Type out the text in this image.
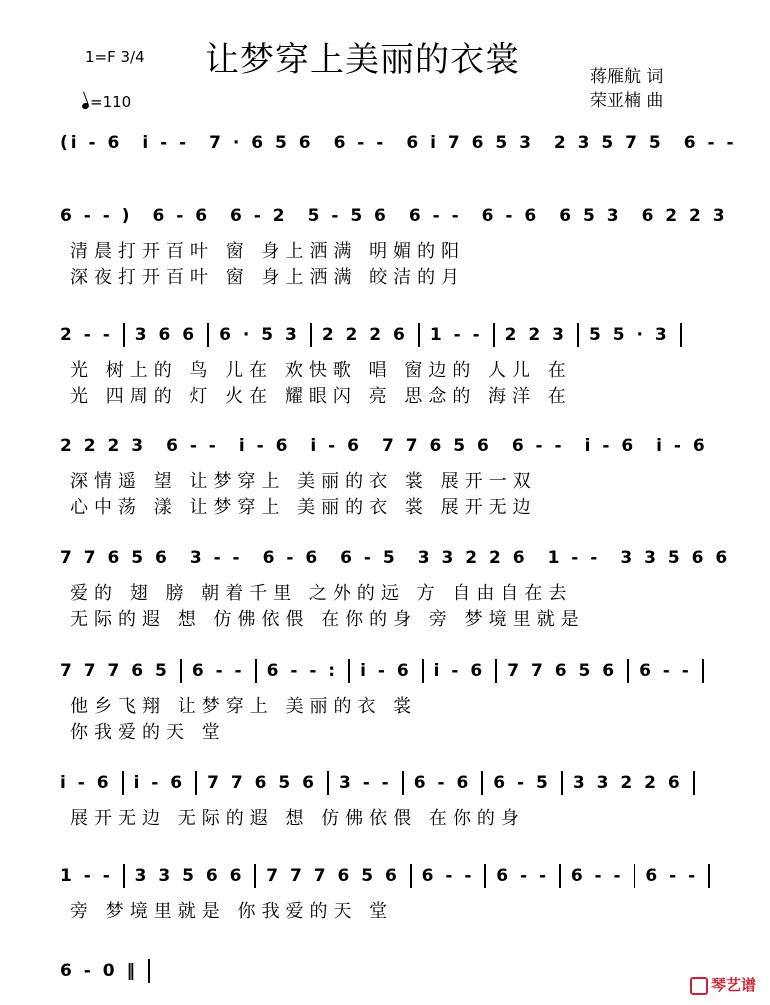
让梦穿上美丽的衣裳
1=F 3/4
=110
蒋雁航 词
荣亚楠 曲
(i - 6 i - - 7 · 6 5 6 6 - - 6 i 7 6 5 3 2 3 5 7 5 6 - -
6 - - ) 6 - 6 6 - 2 5 - 5 6 6 - - 6 - 6 6 5 3 6 2 2 3
清晨打开百叶 窗 身上洒满 明媚的阳
深夜打开百叶 窗 身上洒满 皎洁的月
2 - - 3 6 6 6 · 5 3 2 2 2 6 1 - - 2 2 3 5 5 · 3
光 树上的 鸟 儿在 欢快歌 唱 窗边的 人儿 在
光 四周的 灯 火在 耀眼闪 亮 思念的 海洋 在
2 2 2 3 6 - - i - 6 i - 6 7 7 6 5 6 6 - - i - 6 i - 6
深情遥 望 让梦穿上 美丽的衣 裳 展开一双
心中荡 漾 让梦穿上 美丽的衣 裳 展开无边
7 7 6 5 6 3 - - 6 - 6 6 - 5 3 3 2 2 6 1 - - 3 3 5 6 6
爱的 翅 膀 朝着千里 之外的远 方 自由自在去
无际的遐 想 仿佛依偎 在你的身 旁 梦境里就是
7 7 7 6 5 6 - - 6 - - : i - 6 i - 6 7 7 6 5 6 6 - -
他乡飞翔 让梦穿上 美丽的衣 裳
你我爱的天 堂
i - 6 i - 6 7 7 6 5 6 3 - - 6 - 6 6 - 5 3 3 2 2 6
展开无边 无际的遐 想 仿佛依偎 在你的身
1 - - 3 3 5 6 6 7 7 7 6 5 6 6 - - 6 - - 6 - - 6 - -
旁 梦境里就是 你我爱的天 堂
6 - 0 ‖
琴艺谱
